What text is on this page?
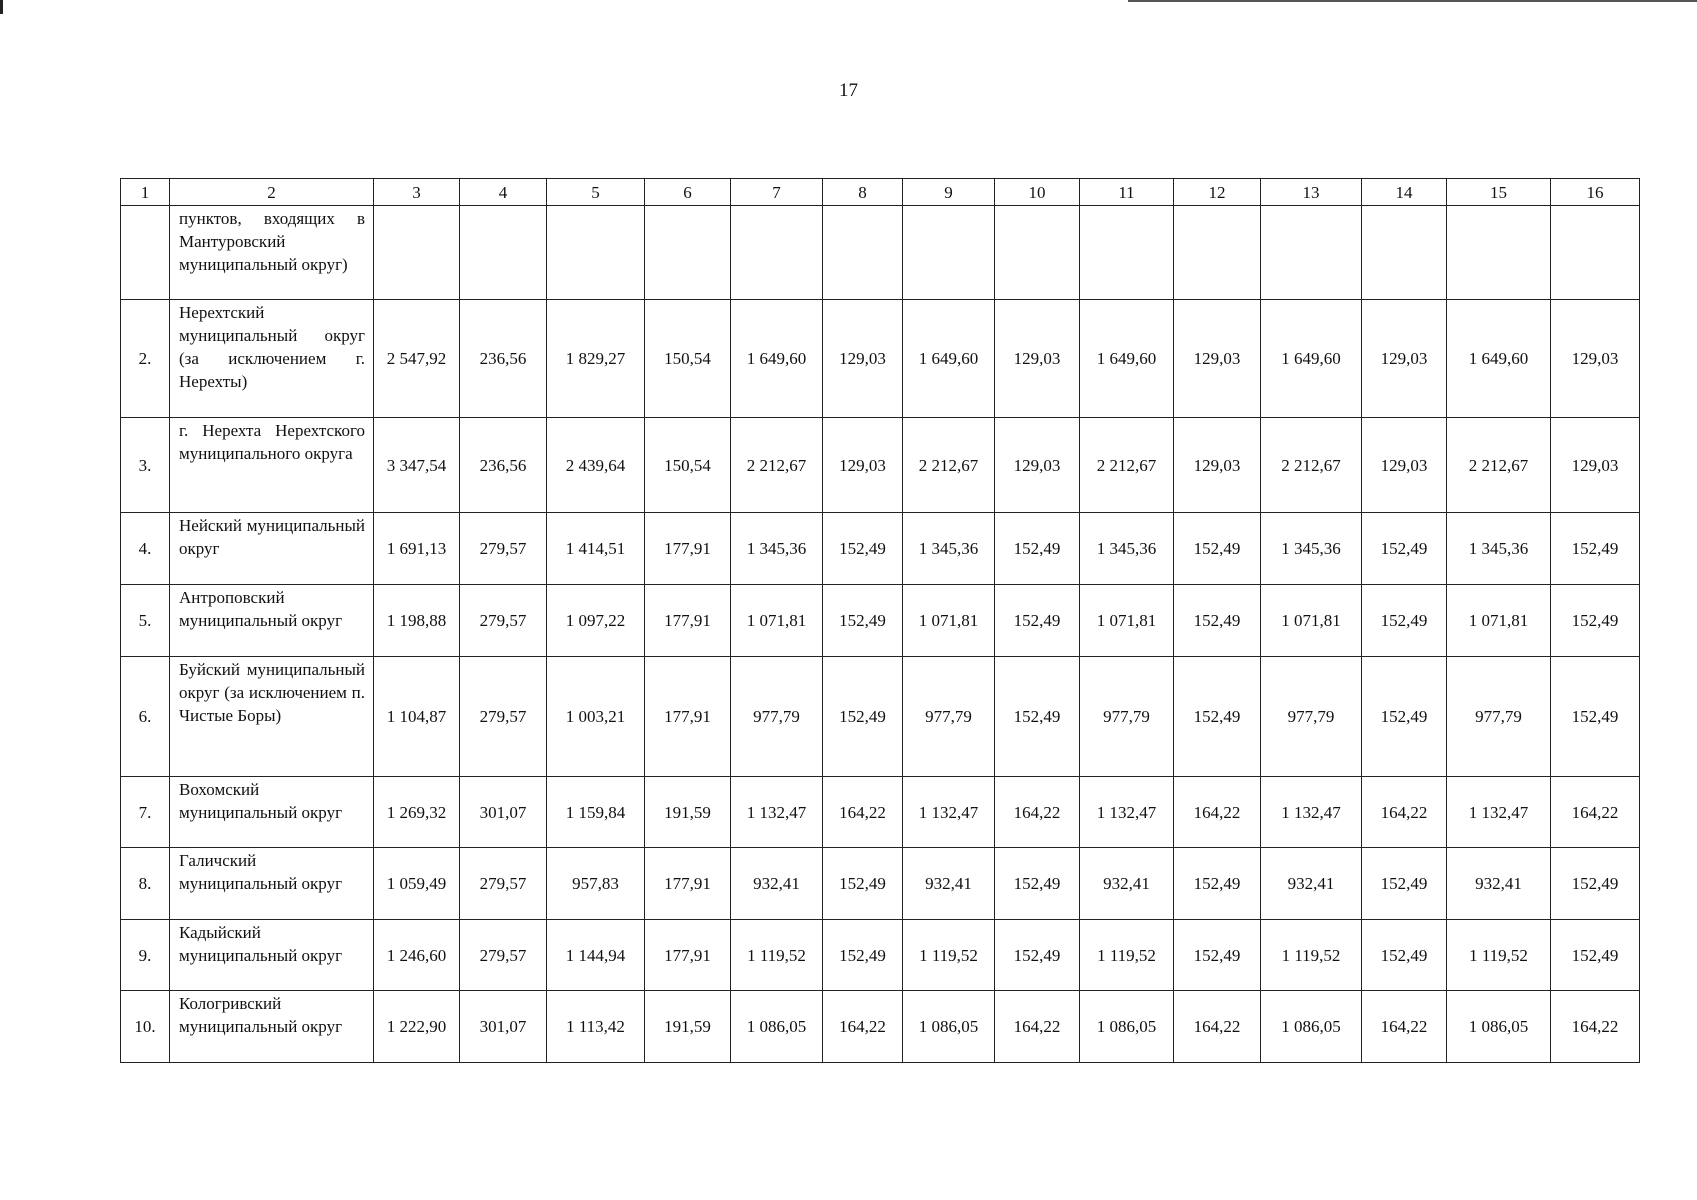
17
1	2	3	4	5	6	7	8	9	10	11	12	13	14	15	16
	пунктов, входящих в Мантуровский муниципальный округ)														
2.	Нерехтский муниципальный округ (за исключением г. Нерехты)	2 547,92	236,56	1 829,27	150,54	1 649,60	129,03	1 649,60	129,03	1 649,60	129,03	1 649,60	129,03	1 649,60	129,03
3.	г. Нерехта Нерехтского муниципального округа	3 347,54	236,56	2 439,64	150,54	2 212,67	129,03	2 212,67	129,03	2 212,67	129,03	2 212,67	129,03	2 212,67	129,03
4.	Нейский муниципальный округ	1 691,13	279,57	1 414,51	177,91	1 345,36	152,49	1 345,36	152,49	1 345,36	152,49	1 345,36	152,49	1 345,36	152,49
5.	Антроповский муниципальный округ	1 198,88	279,57	1 097,22	177,91	1 071,81	152,49	1 071,81	152,49	1 071,81	152,49	1 071,81	152,49	1 071,81	152,49
6.	Буйский муниципальный округ (за исключением п. Чистые Боры)	1 104,87	279,57	1 003,21	177,91	977,79	152,49	977,79	152,49	977,79	152,49	977,79	152,49	977,79	152,49
7.	Вохомский муниципальный округ	1 269,32	301,07	1 159,84	191,59	1 132,47	164,22	1 132,47	164,22	1 132,47	164,22	1 132,47	164,22	1 132,47	164,22
8.	Галичский муниципальный округ	1 059,49	279,57	957,83	177,91	932,41	152,49	932,41	152,49	932,41	152,49	932,41	152,49	932,41	152,49
9.	Кадыйский муниципальный округ	1 246,60	279,57	1 144,94	177,91	1 119,52	152,49	1 119,52	152,49	1 119,52	152,49	1 119,52	152,49	1 119,52	152,49
10.	Кологривский муниципальный округ	1 222,90	301,07	1 113,42	191,59	1 086,05	164,22	1 086,05	164,22	1 086,05	164,22	1 086,05	164,22	1 086,05	164,22
